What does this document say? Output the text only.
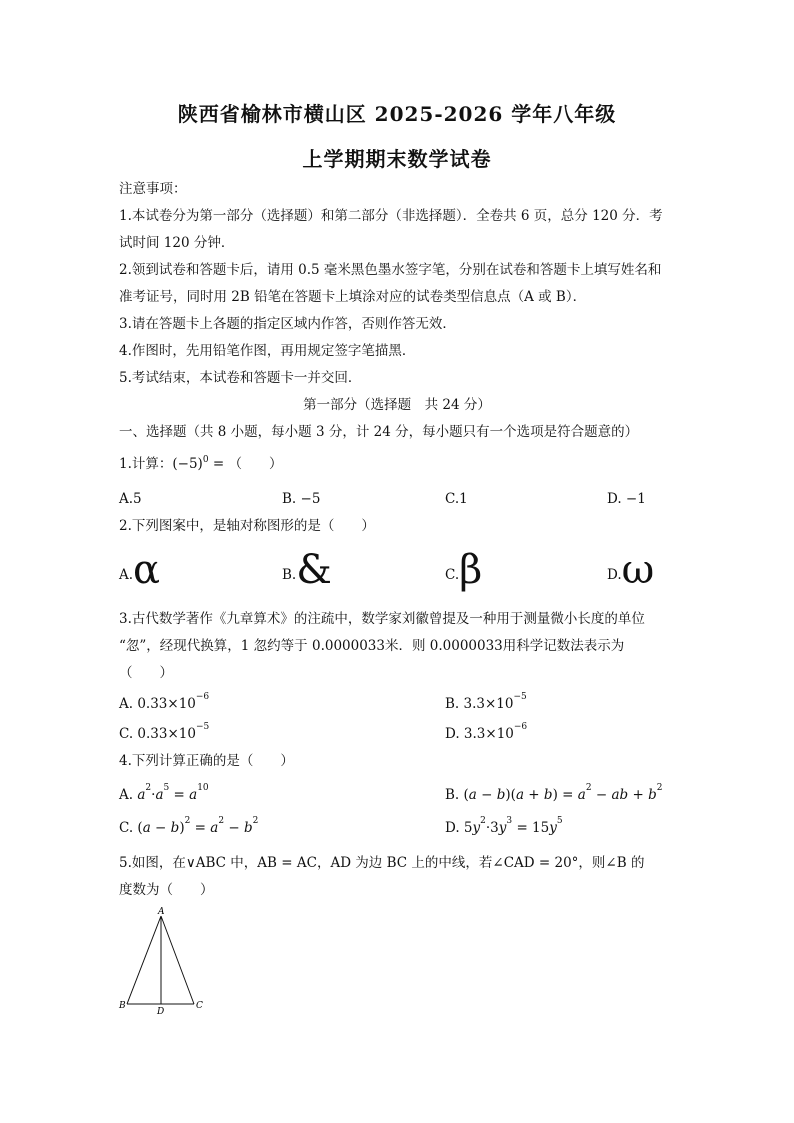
陕西省榆林市横山区 2025-2026 学年八年级
上学期期末数学试卷
注意事项：
1.本试卷分为第一部分（选择题）和第二部分（非选择题）．全卷共 6 页，总分 120 分．考
试时间 120 分钟．
2.领到试卷和答题卡后，请用 0.5 毫米黑色墨水签字笔，分别在试卷和答题卡上填写姓名和
准考证号，同时用 2B 铅笔在答题卡上填涂对应的试卷类型信息点（A 或 B）．
3.请在答题卡上各题的指定区域内作答，否则作答无效．
4.作图时，先用铅笔作图，再用规定签字笔描黑．
5.考试结束，本试卷和答题卡一并交回．
第一部分（选择题　共 24 分）
一、选择题（共 8 小题，每小题 3 分，计 24 分，每小题只有一个选项是符合题意的）
1.计算：$(-5)^0$ = （　　）
A.5	B. −5	C.1	D. −1
2.下列图案中，是轴对称图形的是（　　）
$^{A.}$α	$^{B.}$&	$^{C.}$β	$^{D.}$ω
3.古代数学著作《九章算术》的注疏中，数学家刘徽曾提及一种用于测量微小长度的单位
“忽”，经现代换算，1 忽约等于 0.0000033米．则 0.0000033用科学记数法表示为
（　　）
A. $0.33\times 10^{-6}$	B. $3.3\times 10^{-5}$
C. $0.33\times 10^{-5}$	D. $3.3\times 10^{-6}$
4.下列计算正确的是（　　）
A. $a^2\cdot a^5 = a^{10}$	B. $(a - b)(a + b) = a^2$ − ab + $b^2$
C. $(a - b)^2 = a^2 - b^2$	D. $5y^2\cdot 3y^3 = 15y^5$
5.如图，在∨ABC 中，AB = AC，AD 为边 BC 上的中线，若∠CAD = 20°，则∠B 的
度数为（　　）
A
B	C
D
